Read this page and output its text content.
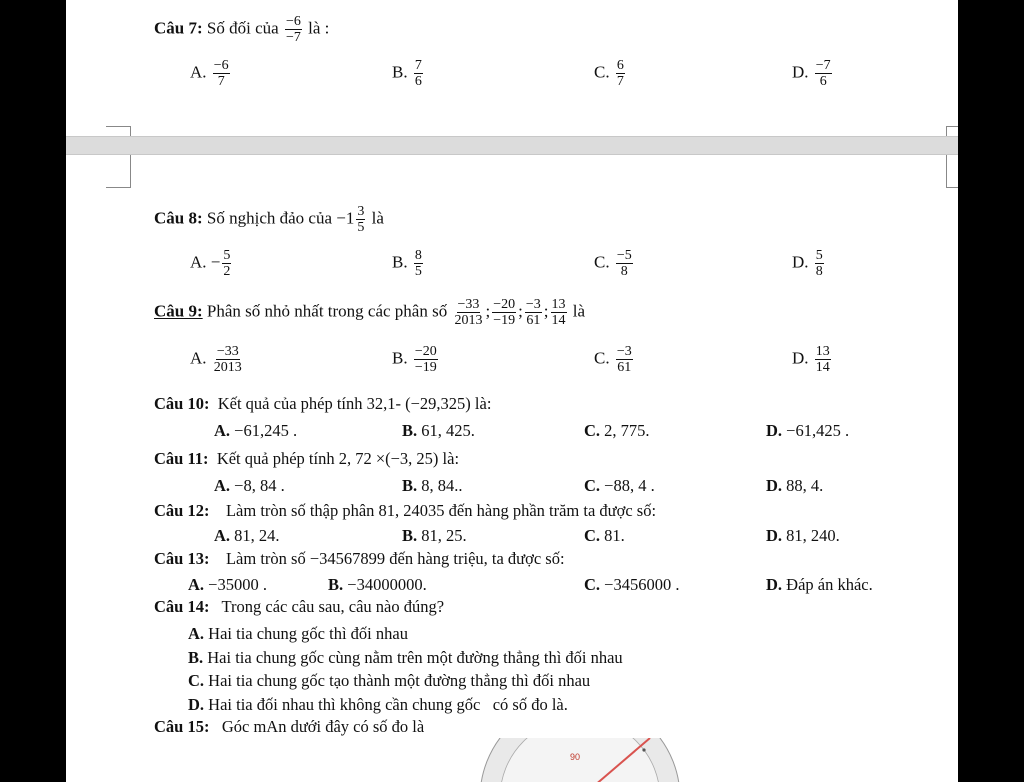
Câu 7: Số đối của $\frac{-6}{-7}$ là :
A. $\frac{-6}{7}$	B. $\frac{7}{6}$	C. $\frac{6}{7}$	D. $\frac{-7}{6}$
Câu 8: Số nghịch đảo của $-1 \frac{3}{5}$ là
A. − $\frac{5}{2}$	B. $\frac{8}{5}$	C. $\frac{-5}{8}$	D. $\frac{5}{8}$
Câu 9: Phân số nhỏ nhất trong các phân số $\frac{-33}{2013}$ ; $\frac{-20}{-19}$ ; $\frac{-3}{61}$ ; $\frac{13}{14}$ là
A. $\frac{-33}{2013}$	B. $\frac{-20}{-19}$	C. $\frac{-3}{61}$	D. $\frac{13}{14}$
Câu 10: Kết quả của phép tính 32,1- (−29,325) là:
A. −61,245 .	B. 61, 425.	C. 2, 775.	D. −61,425 .
Câu 11: Kết quả phép tính 2, 72 ×(−3, 25) là:
A. −8, 84 .	B. 8, 84..	C. −88, 4 .	D. 88, 4.
Câu 12: Làm tròn số thập phân 81, 24035 đến hàng phần trăm ta được số:
A. 81, 24.	B. 81, 25.	C. 81.	D. 81, 240.
Câu 13: Làm tròn số −34567899 đến hàng triệu, ta được số:
A. −35000 .	B. −34000000.	C. −3456000 .	D. Đáp án khác.
Câu 14: Trong các câu sau, câu nào đúng?
A. Hai tia chung gốc thì đối nhau
B. Hai tia chung gốc cùng nằm trên một đường thẳng thì đối nhau
C. Hai tia chung gốc tạo thành một đường thẳng thì đối nhau
D. Hai tia đối nhau thì không cần chung gốc   có số đo là.
Câu 15: Góc mAn dưới đây có số đo là
90
